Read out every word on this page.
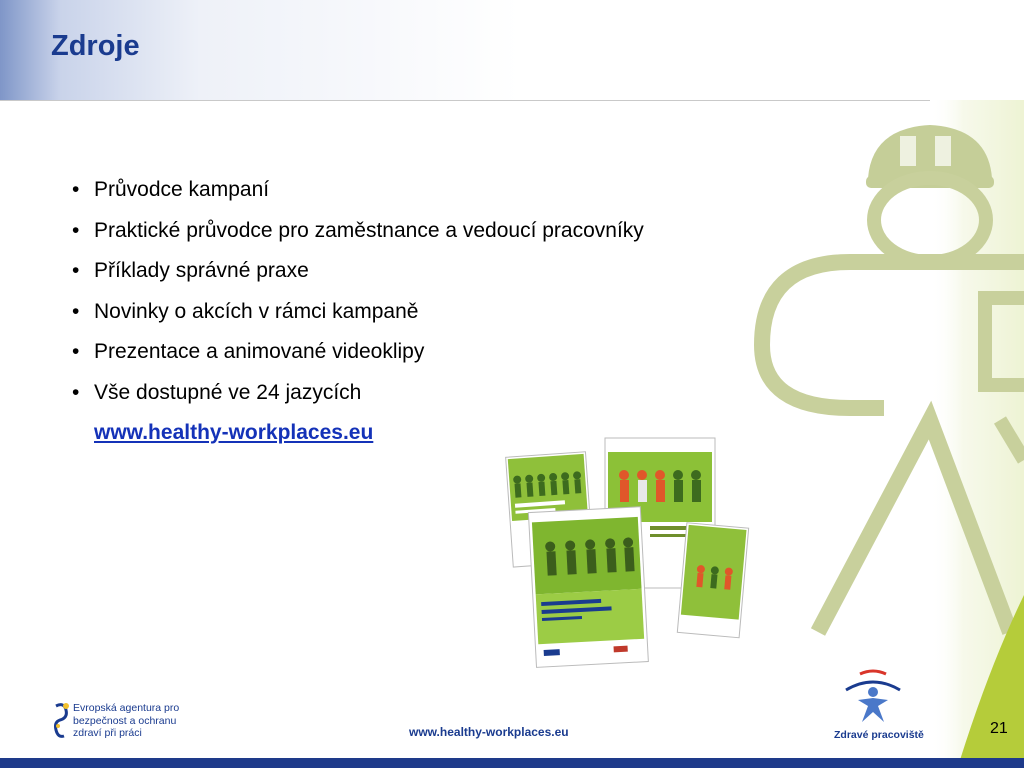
Zdroje
• Průvodce kampaní
• Praktické průvodce pro zaměstnance a vedoucí pracovníky
• Příklady správné praxe
• Novinky o akcích v rámci kampaně
• Prezentace a animované videoklipy
• Vše dostupné ve 24 jazycích
www.healthy-workplaces.eu
Evropská agentura pro
bezpečnost a ochranu
zdraví při práci	www.healthy-workplaces.eu	Zdravé pracoviště	21
